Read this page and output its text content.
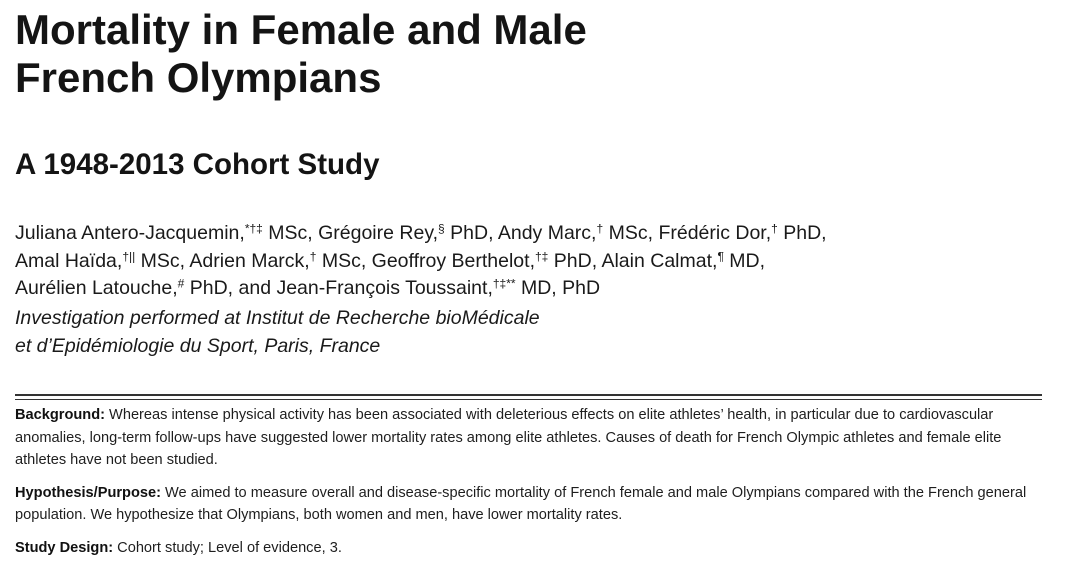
Mortality in Female and Male
French Olympians
A 1948-2013 Cohort Study
Juliana Antero-Jacquemin,*†‡ MSc, Grégoire Rey,§ PhD, Andy Marc,† MSc, Frédéric Dor,† PhD,
Amal Haïda,†|| MSc, Adrien Marck,† MSc, Geoffroy Berthelot,†‡ PhD, Alain Calmat,¶ MD,
Aurélien Latouche,# PhD, and Jean-François Toussaint,†‡** MD, PhD
Investigation performed at Institut de Recherche bioMédicale
et d’Epidémiologie du Sport, Paris, France

Background: Whereas intense physical activity has been associated with deleterious effects on elite athletes’ health, in particular due to cardiovascular anomalies, long-term follow-ups have suggested lower mortality rates among elite athletes. Causes of death for French Olympic athletes and female elite athletes have not been studied.

Hypothesis/Purpose: We aimed to measure overall and disease-specific mortality of French female and male Olympians compared with the French general population. We hypothesize that Olympians, both women and men, have lower mortality rates.

Study Design: Cohort study; Level of evidence, 3.
